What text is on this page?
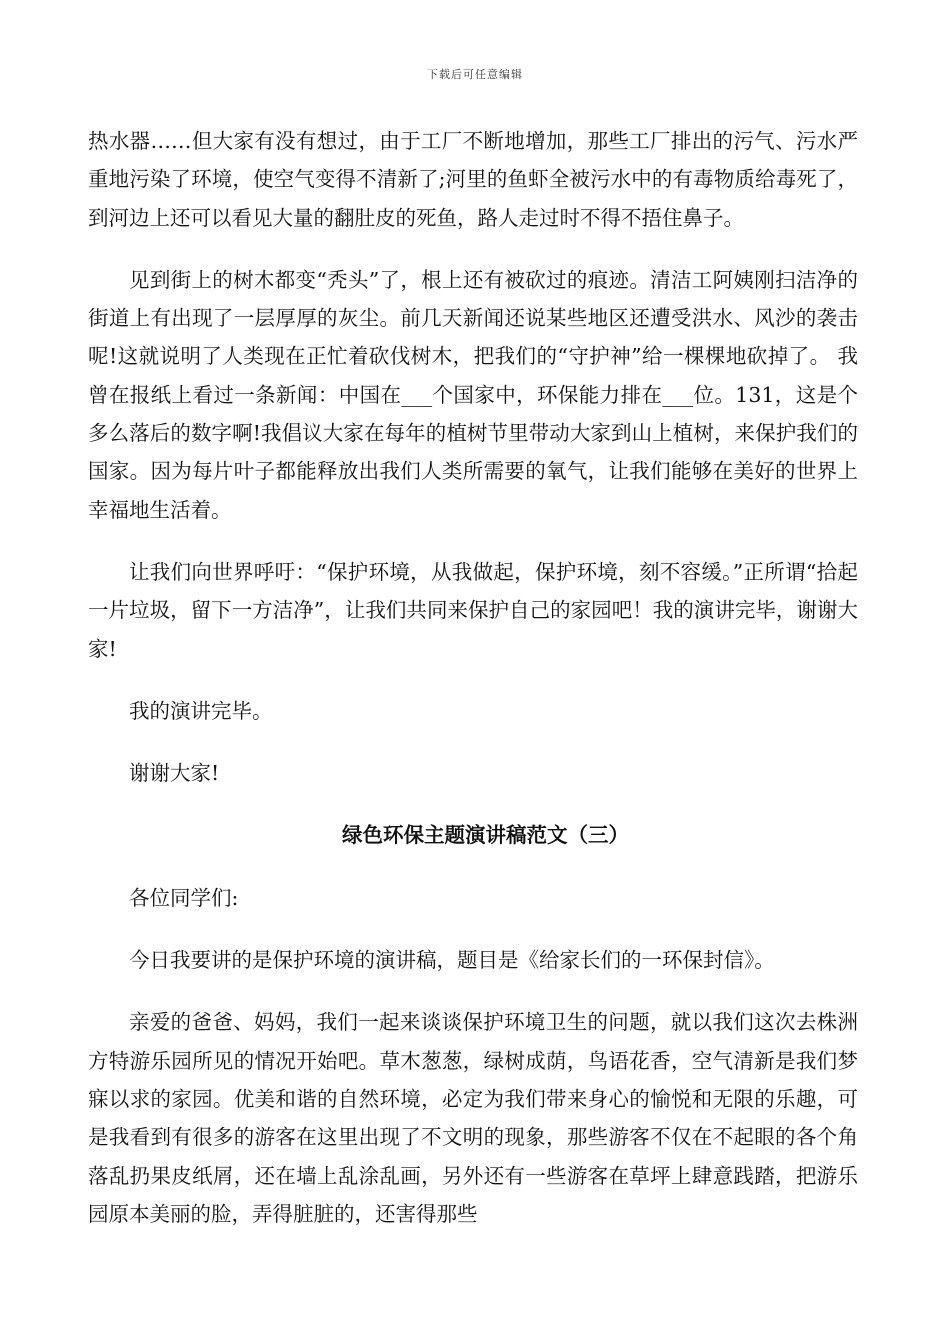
下载后可任意编辑

热水器……但大家有没有想过，由于工厂不断地增加，那些工厂排出的污气、污水严重地污染了环境，使空气变得不清新了;河里的鱼虾全被污水中的有毒物质给毒死了，到河边上还可以看见大量的翻肚皮的死鱼，路人走过时不得不捂住鼻子。

见到街上的树木都变“秃头”了，根上还有被砍过的痕迹。清洁工阿姨刚扫洁净的街道上有出现了一层厚厚的灰尘。前几天新闻还说某些地区还遭受洪水、风沙的袭击呢!这就说明了人类现在正忙着砍伐树木，把我们的“守护神”给一棵棵地砍掉了。 我曾在报纸上看过一条新闻：中国在___个国家中，环保能力排在___位。131，这是个多么落后的数字啊!我倡议大家在每年的植树节里带动大家到山上植树，来保护我们的国家。因为每片叶子都能释放出我们人类所需要的氧气，让我们能够在美好的世界上幸福地生活着。

让我们向世界呼吁：“保护环境，从我做起，保护环境，刻不容缓。”正所谓“拾起一片垃圾，留下一方洁净”，让我们共同来保护自己的家园吧！我的演讲完毕，谢谢大家!

我的演讲完毕。

谢谢大家!

绿色环保主题演讲稿范文（三）

各位同学们:

今日我要讲的是保护环境的演讲稿，题目是《给家长们的一环保封信》。

亲爱的爸爸、妈妈，我们一起来谈谈保护环境卫生的问题，就以我们这次去株洲方特游乐园所见的情况开始吧。草木葱葱，绿树成荫，鸟语花香，空气清新是我们梦寐以求的家园。优美和谐的自然环境，必定为我们带来身心的愉悦和无限的乐趣，可是我看到有很多的游客在这里出现了不文明的现象，那些游客不仅在不起眼的各个角落乱扔果皮纸屑，还在墙上乱涂乱画，另外还有一些游客在草坪上肆意践踏，把游乐园原本美丽的脸，弄得脏脏的，还害得那些
